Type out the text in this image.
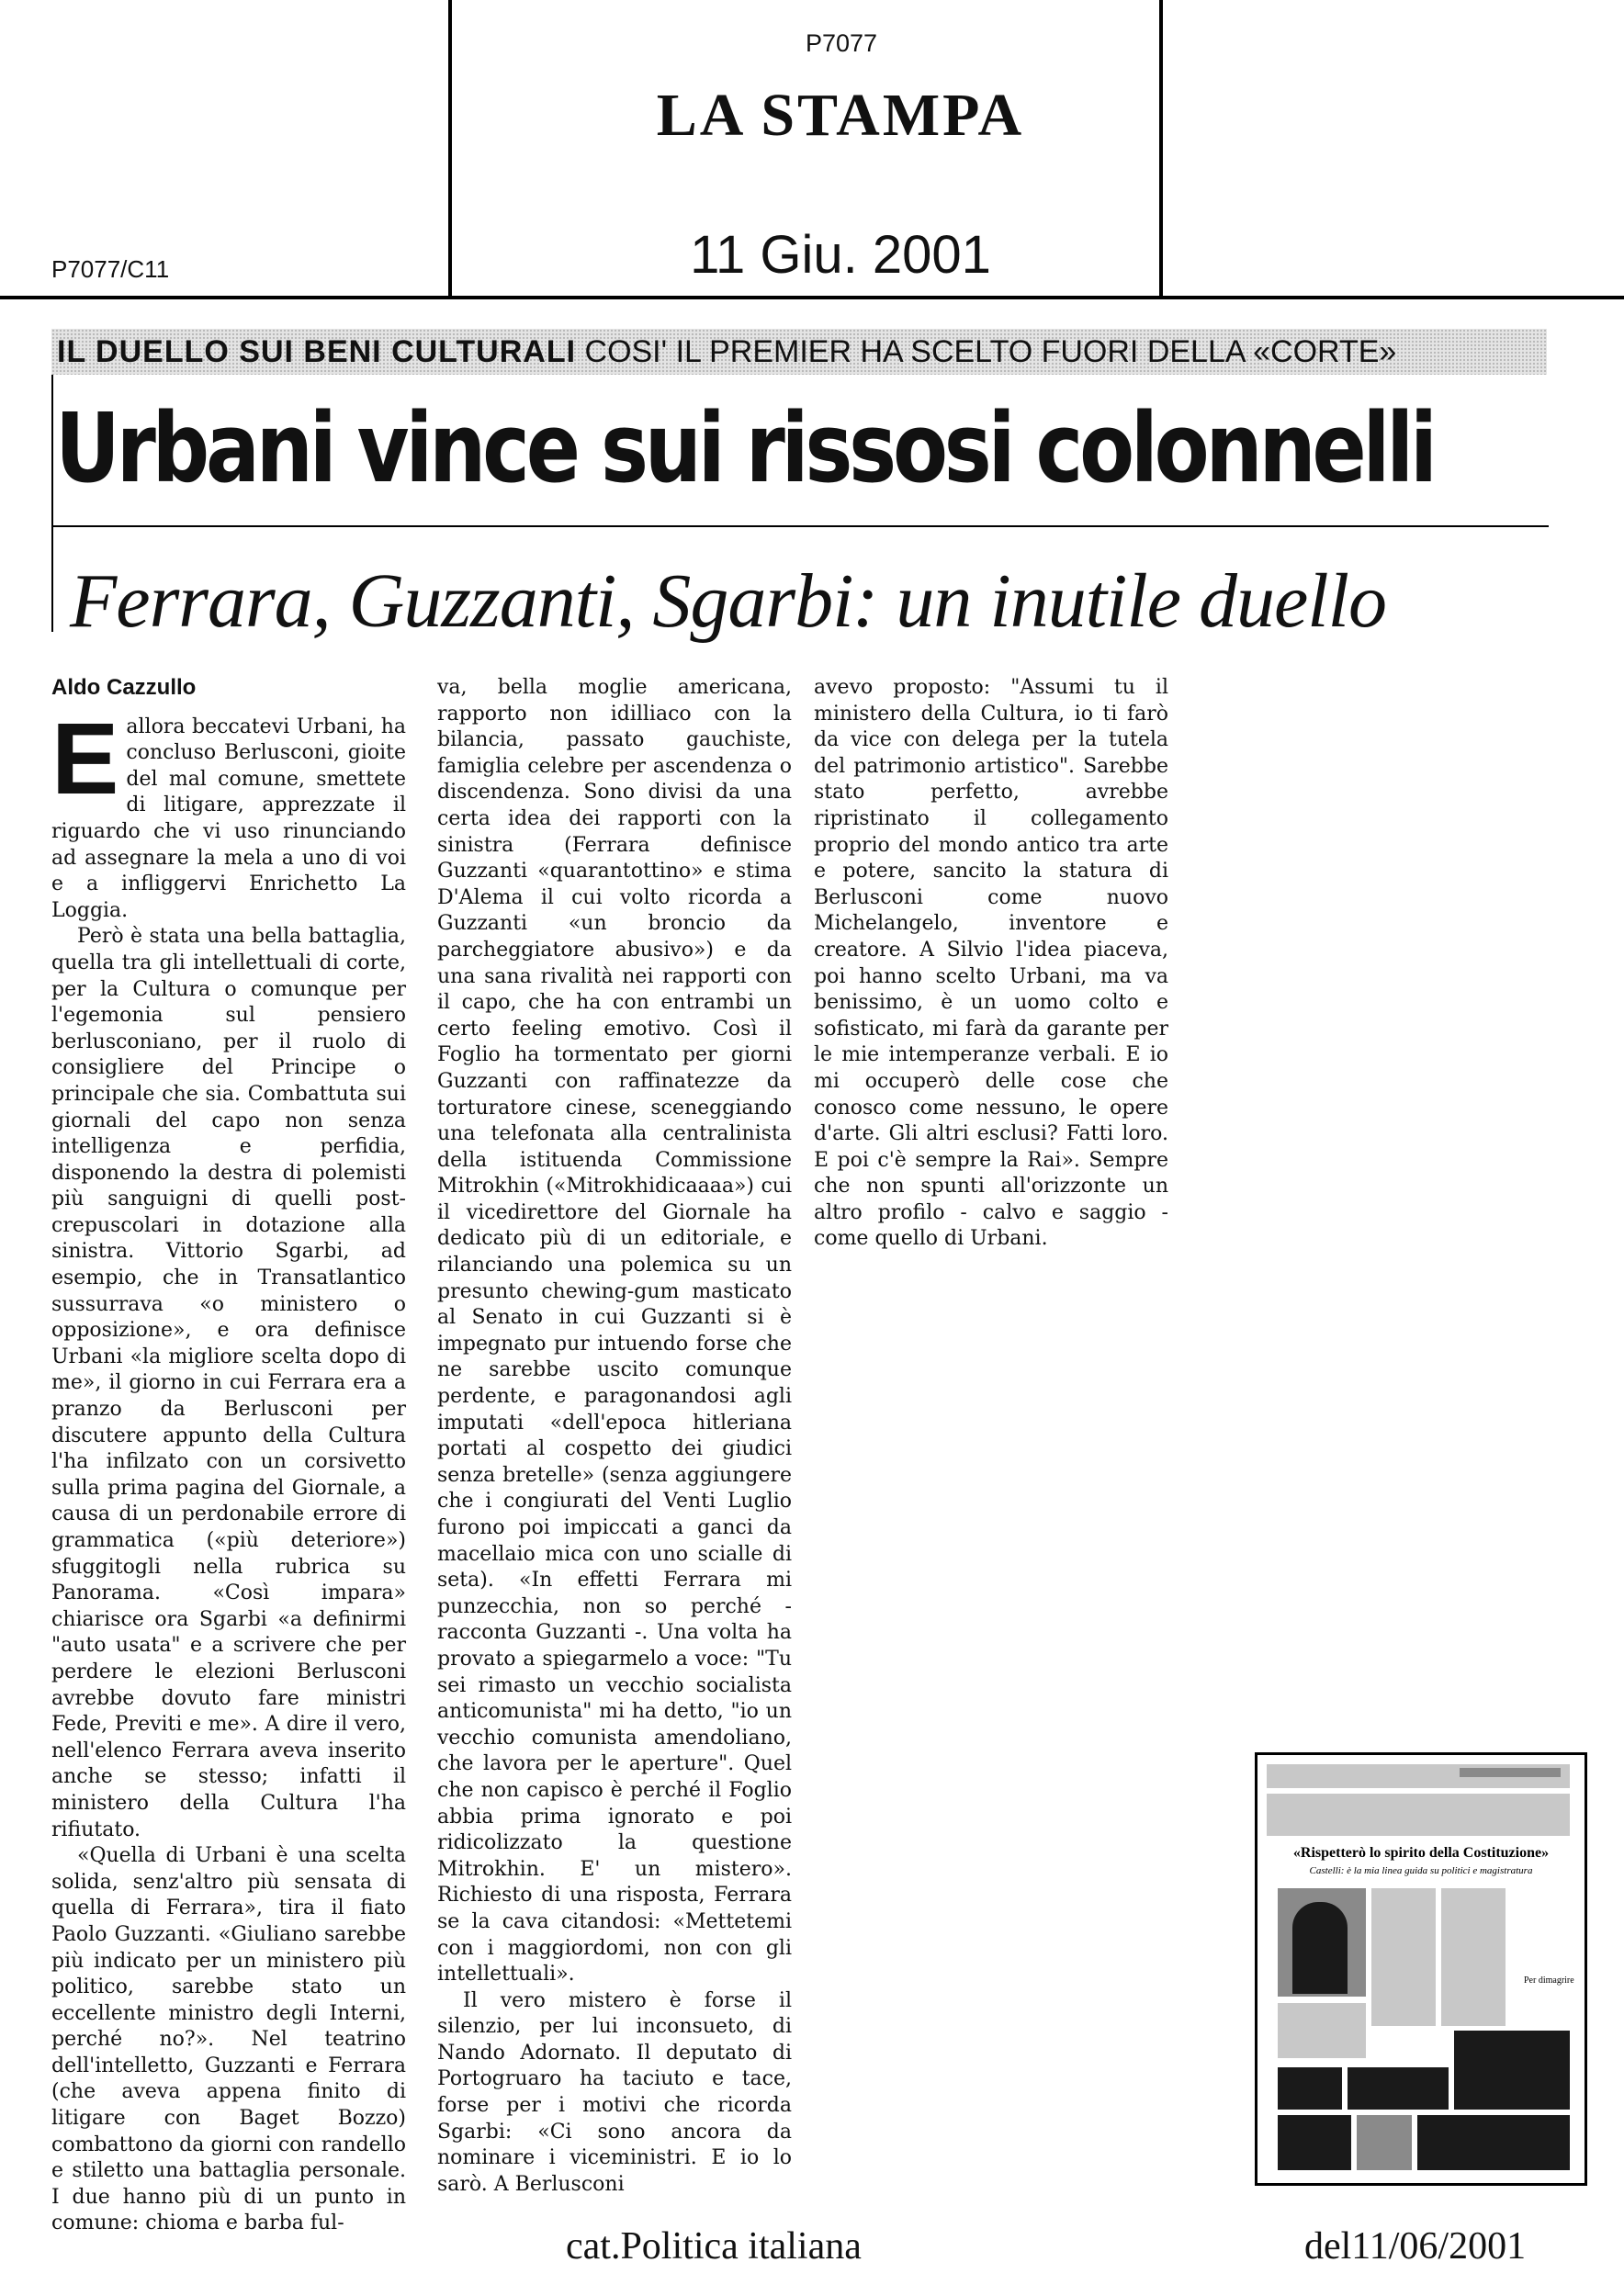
P7077
LA STAMPA
11 Giu. 2001
P7077/C11
IL DUELLO SUI BENI CULTURALI COSI' IL PREMIER HA SCELTO FUORI DELLA «CORTE»
Urbani vince sui rissosi colonnelli
Ferrara, Guzzanti, Sgarbi: un inutile duello
Aldo Cazzullo

Eallora beccatevi Urbani, ha concluso Berlusconi, gioite del mal comune, smettete di litigare, apprezzate il riguardo che vi uso rinunciando ad assegnare la mela a uno di voi e a infliggervi Enrichetto La Loggia.

Però è stata una bella battaglia, quella tra gli intellettuali di corte, per la Cultura o comunque per l'egemonia sul pensiero berlusconiano, per il ruolo di consigliere del Principe o principale che sia. Combattuta sui giornali del capo non senza intelligenza e perfidia, disponendo la destra di polemisti più sanguigni di quelli post-crepuscolari in dotazione alla sinistra. Vittorio Sgarbi, ad esempio, che in Transatlantico sussurrava «o ministero o opposizione», e ora definisce Urbani «la migliore scelta dopo di me», il giorno in cui Ferrara era a pranzo da Berlusconi per discutere appunto della Cultura l'ha infilzato con un corsivetto sulla prima pagina del Giornale, a causa di un perdonabile errore di grammatica («più deteriore») sfuggitogli nella rubrica su Panorama. «Così impara» chiarisce ora Sgarbi «a definirmi "auto usata" e a scrivere che per perdere le elezioni Berlusconi avrebbe dovuto fare ministri Fede, Previti e me». A dire il vero, nell'elenco Ferrara aveva inserito anche se stesso; infatti il ministero della Cultura l'ha rifiutato.

«Quella di Urbani è una scelta solida, senz'altro più sensata di quella di Ferrara», tira il fiato Paolo Guzzanti. «Giuliano sarebbe più indicato per un ministero più politico, sarebbe stato un eccellente ministro degli Interni, perché no?». Nel teatrino dell'intelletto, Guzzanti e Ferrara (che aveva appena finito di litigare con Baget Bozzo) combattono da giorni con randello e stiletto una battaglia personale. I due hanno più di un punto in comune: chioma e barba ful-

va, bella moglie americana, rapporto non idilliaco con la bilancia, passato gauchiste, famiglia celebre per ascendenza o discendenza. Sono divisi da una certa idea dei rapporti con la sinistra (Ferrara definisce Guzzanti «quarantottino» e stima D'Alema il cui volto ricorda a Guzzanti «un broncio da parcheggiatore abusivo») e da una sana rivalità nei rapporti con il capo, che ha con entrambi un certo feeling emotivo. Così il Foglio ha tormentato per giorni Guzzanti con raffinatezze da torturatore cinese, sceneggiando una telefonata alla centralinista della istituenda Commissione Mitrokhin («Mitrokhidicaaaa») cui il vicedirettore del Giornale ha dedicato più di un editoriale, e rilanciando una polemica su un presunto chewing-gum masticato al Senato in cui Guzzanti si è impegnato pur intuendo forse che ne sarebbe uscito comunque perdente, e paragonandosi agli imputati «dell'epoca hitleriana portati al cospetto dei giudici senza bretelle» (senza aggiungere che i congiurati del Venti Luglio furono poi impiccati a ganci da macellaio mica con uno scialle di seta). «In effetti Ferrara mi punzecchia, non so perché - racconta Guzzanti -. Una volta ha provato a spiegarmelo a voce: "Tu sei rimasto un vecchio socialista anticomunista" mi ha detto, "io un vecchio comunista amendoliano, che lavora per le aperture". Quel che non capisco è perché il Foglio abbia prima ignorato e poi ridicolizzato la questione Mitrokhin. E' un mistero». Richiesto di una risposta, Ferrara se la cava citandosi: «Mettetemi con i maggiordomi, non con gli intellettuali».

Il vero mistero è forse il silenzio, per lui inconsueto, di Nando Adornato. Il deputato di Portogruaro ha taciuto e tace, forse per i motivi che ricorda Sgarbi: «Ci sono ancora da nominare i viceministri. E io lo sarò. A Berlusconi

avevo proposto: "Assumi tu il ministero della Cultura, io ti farò da vice con delega per la tutela del patrimonio artistico". Sarebbe stato perfetto, avrebbe ripristinato il collegamento proprio del mondo antico tra arte e potere, sancito la statura di Berlusconi come nuovo Michelangelo, inventore e creatore. A Silvio l'idea piaceva, poi hanno scelto Urbani, ma va benissimo, è un uomo colto e sofisticato, mi farà da garante per le mie intemperanze verbali. E io mi occuperò delle cose che conosco come nessuno, le opere d'arte. Gli altri esclusi? Fatti loro. E poi c'è sempre la Rai». Sempre che non spunti all'orizzonte un altro profilo - calvo e saggio - come quello di Urbani.

«Rispetterò lo spirito della Costituzione»
Castelli: è la mia linea guida su politici e magistratura
Per dimagrire
cat.Politica italiana	del11/06/2001
